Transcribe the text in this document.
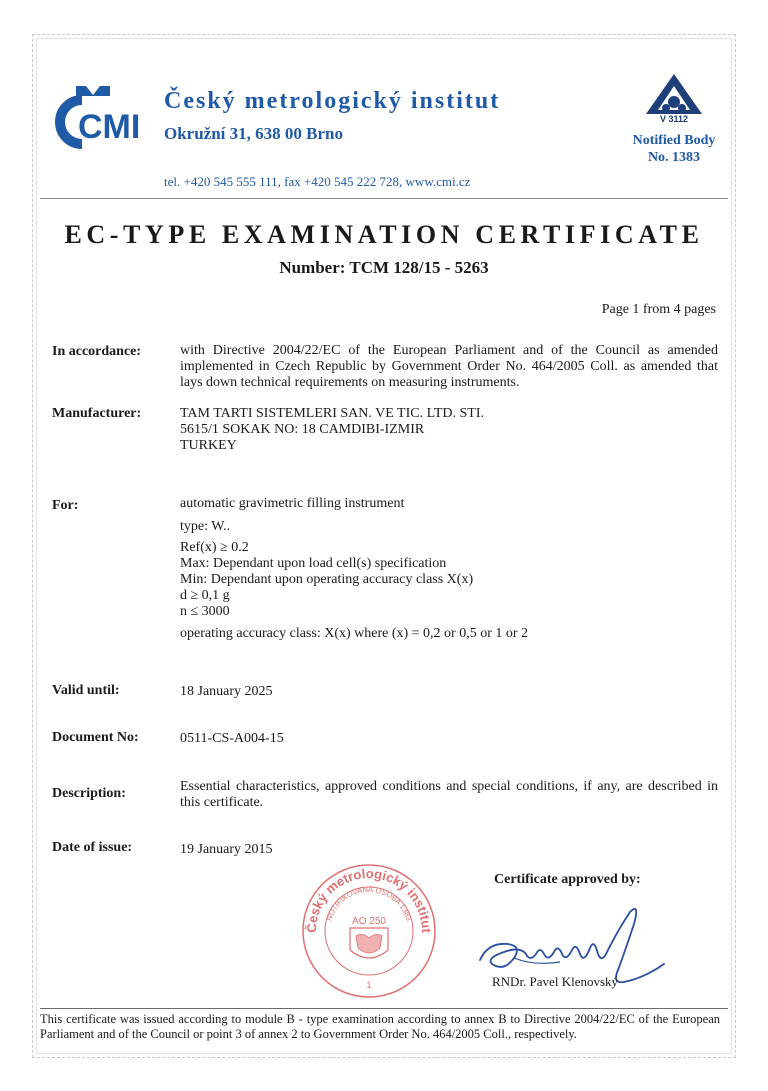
CMI
Český metrologický institut
Okružní 31, 638 00 Brno
tel. +420 545 555 111, fax +420 545 222 728, www.cmi.cz
V 3112
Notified Body
No. 1383
EC-TYPE EXAMINATION CERTIFICATE
Number: TCM 128/15 - 5263
Page 1 from 4 pages
In accordance:	with Directive 2004/22/EC of the European Parliament and of the Council as amended implemented in Czech Republic by Government Order No. 464/2005 Coll. as amended that lays down technical requirements on measuring instruments.
Manufacturer:	TAM TARTI SISTEMLERI SAN. VE TIC. LTD. STI.
5615/1 SOKAK NO: 18 CAMDIBI-IZMIR
TURKEY
For:	automatic gravimetric filling instrument
type: W..
Ref(x) ≥ 0.2
Max: Dependant upon load cell(s) specification
Min: Dependant upon operating accuracy class X(x)
d ≥ 0,1 g
n ≤ 3000
operating accuracy class: X(x) where (x) = 0,2 or 0,5 or 1 or 2
Valid until:	18 January 2025
Document No:	0511-CS-A004-15
Description:	Essential characteristics, approved conditions and special conditions, if any, are described in this certificate.
Date of issue:	19 January 2015
Český metrologický institut
NOTIFIKOVANÁ OSOBA 1383
AO 250
1
Certificate approved by:
RNDr. Pavel Klenovský
This certificate was issued according to module B - type examination according to annex B to Directive 2004/22/EC of the European Parliament and of the Council or point 3 of annex 2 to Government Order No. 464/2005 Coll., respectively.
